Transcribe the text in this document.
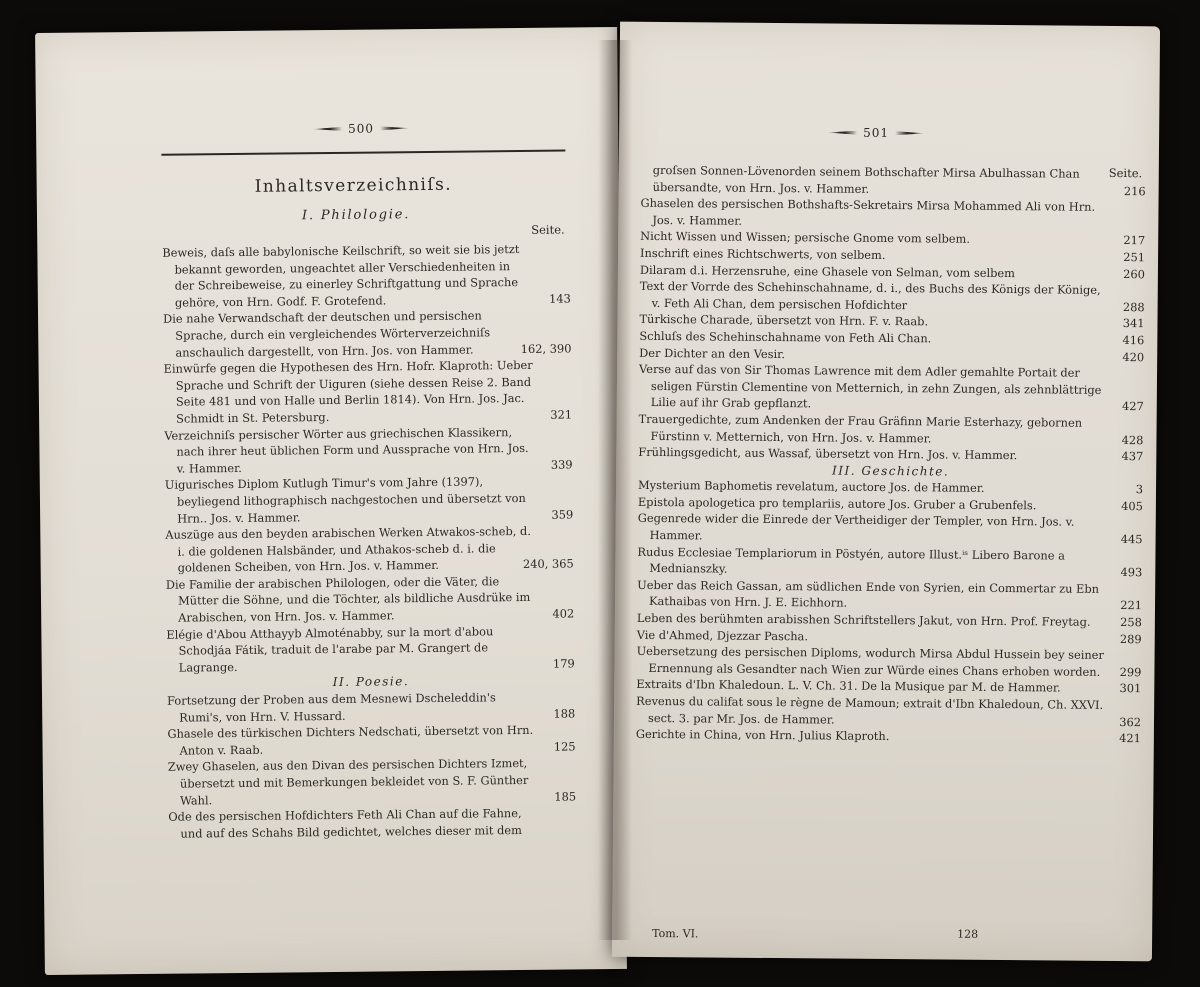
500
Inhaltsverzeichniſs.
I. Philologie.
Seite.

Beweis, daſs alle babylonische Keilschrift, so weit sie bis jetzt bekannt geworden, ungeachtet aller Verschiedenheiten in der Schreibeweise, zu einerley Schriftgattung und Sprache gehöre, von Hrn. Godf. F. Grotefend.	143

Die nahe Verwandschaft der deutschen und persischen Sprache, durch ein vergleichendes Wörterverzeichniſs anschaulich dargestellt, von Hrn. Jos. von Hammer.	162, 390

Einwürfe gegen die Hypothesen des Hrn. Hofr. Klaproth: Ueber Sprache und Schrift der Uiguren (siehe dessen Reise 2. Band Seite 481 und von Halle und Berlin 1814). Von Hrn. Jos. Jac. Schmidt in St. Petersburg.	321

Verzeichniſs persischer Wörter aus griechischen Klassikern, nach ihrer heut üblichen Form und Aussprache von Hrn. Jos. v. Hammer.	339

Uigurisches Diplom Kutlugh Timur's vom Jahre (1397), beyliegend lithographisch nachgestochen und übersetzt von Hrn.. Jos. v. Hammer.	359

Auszüge aus den beyden arabischen Werken Atwakos-scheb, d. i. die goldenen Halsbänder, und Athakos-scheb d. i. die goldenen Scheiben, von Hrn. Jos. v. Hammer.	240, 365

Die Familie der arabischen Philologen, oder die Väter, die Mütter die Söhne, und die Töchter, als bildliche Ausdrüke im Arabischen, von Hrn. Jos. v. Hammer.	402

Elégie d'Abou Atthayyb Almoténabby, sur la mort d'abou Schodjáa Fátik, traduit de l'arabe par M. Grangert de Lagrange.	179

II. Poesie.

Fortsetzung der Proben aus dem Mesnewi Dscheleddin's Rumi's, von Hrn. V. Hussard.	188

Ghasele des türkischen Dichters Nedschati, übersetzt von Hrn. Anton v. Raab.	125

Zwey Ghaselen, aus den Divan des persischen Dichters Izmet, übersetzt und mit Bemerkungen bekleidet von S. F. Günther Wahl.	185

Ode des persischen Hofdichters Feth Ali Chan auf die Fahne, und auf des Schahs Bild gedichtet, welches dieser mit dem

501
Seite.

groſsen Sonnen-Lövenorden seinem Bothschafter Mirsa Abulhassan Chan übersandte, von Hrn. Jos. v. Hammer.	216

Ghaselen des persischen Bothshafts-Sekretairs Mirsa Mohammed Ali von Hrn. Jos. v. Hammer.

Nicht Wissen und Wissen; persische Gnome vom selbem.	217

Inschrift eines Richtschwerts, von selbem.	251

Dilaram d.i. Herzensruhe, eine Ghasele von Selman, vom selbem	260

Text der Vorrde des Schehinschahname, d. i., des Buchs des Königs der Könige, v. Feth Ali Chan, dem persischen Hofdichter	288

Türkische Charade, übersetzt von Hrn. F. v. Raab.	341

Schluſs des Schehinschahname von Feth Ali Chan.	416

Der Dichter an den Vesir.	420

Verse auf das von Sir Thomas Lawrence mit dem Adler gemahlte Portait der seligen Fürstin Clementine von Metternich, in zehn Zungen, als zehnblättrige Lilie auf ihr Grab gepflanzt.	427

Trauergedichte, zum Andenken der Frau Gräfinn Marie Esterhazy, gebornen Fürstinn v. Metternich, von Hrn. Jos. v. Hammer.	428

Frühlingsgedicht, aus Wassaf, übersetzt von Hrn. Jos. v. Hammer.	437

III. Geschichte.

Mysterium Baphometis revelatum, auctore Jos. de Hammer.	3

Epistola apologetica pro templariis, autore Jos. Gruber a Grubenfels.	405

Gegenrede wider die Einrede der Vertheidiger der Templer, von Hrn. Jos. v. Hammer.	445

Rudus Ecclesiae Templariorum in Pöstyén, autore Illust.ⁱˢ Libero Barone a Mednianszky.	493

Ueber das Reich Gassan, am südlichen Ende von Syrien, ein Commertar zu Ebn Kathaibas von Hrn. J. E. Eichhorn.	221

Leben des berühmten arabisshen Schriftstellers Jakut, von Hrn. Prof. Freytag.	258

Vie d'Ahmed, Djezzar Pascha.	289

Uebersetzung des persischen Diploms, wodurch Mirsa Abdul Hussein bey seiner Ernennung als Gesandter nach Wien zur Würde eines Chans erhoben worden. 299

Extraits d'Ibn Khaledoun. L. V. Ch. 31. De la Musique par M. de Hammer.	301

Revenus du califat sous le règne de Mamoun; extrait d'Ibn Khaledoun, Ch. XXVI. sect. 3. par Mr. Jos. de Hammer.	362

Gerichte in China, von Hrn. Julius Klaproth.	421

Tom. VI.	128
